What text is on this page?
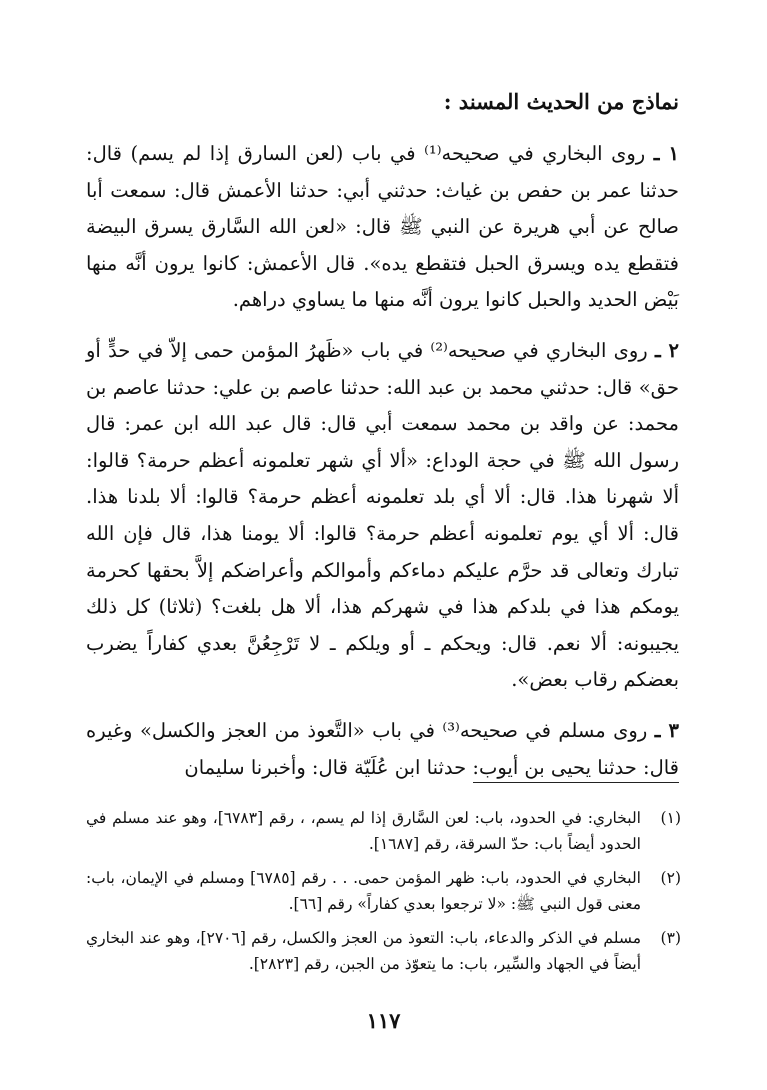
نماذج من الحديث المسند :

١ ـ روى البخاري في صحيحه⁽¹⁾ في باب (لعن السارق إذا لم يسم) قال: حدثنا عمر بن حفص بن غياث: حدثني أبي: حدثنا الأعمش قال: سمعت أبا صالح عن أبي هريرة عن النبي ﷺ قال: «لعن الله السَّارق يسرق البيضة فتقطع يده ويسرق الحبل فتقطع يده». قال الأعمش: كانوا يرون أنَّه منها بَيْض الحديد والحبل كانوا يرون أنَّه منها ما يساوي دراهم.

٢ ـ روى البخاري في صحيحه⁽²⁾ في باب «ظَهرُ المؤمن حمى إلاّ في حدٍّ أو حق» قال: حدثني محمد بن عبد الله: حدثنا عاصم بن علي: حدثنا عاصم بن محمد: عن واقد بن محمد سمعت أبي قال: قال عبد الله ابن عمر: قال رسول الله ﷺ في حجة الوداع: «ألا أي شهر تعلمونه أعظم حرمة؟ قالوا: ألا شهرنا هذا. قال: ألا أي بلد تعلمونه أعظم حرمة؟ قالوا: ألا بلدنا هذا. قال: ألا أي يوم تعلمونه أعظم حرمة؟ قالوا: ألا يومنا هذا، قال فإن الله تبارك وتعالى قد حرَّم عليكم دماءكم وأموالكم وأعراضكم إلاَّ بحقها كحرمة يومكم هذا في بلدكم هذا في شهركم هذا، ألا هل بلغت؟ (ثلاثا) كل ذلك يجيبونه: ألا نعم. قال: ويحكم ـ أو ويلكم ـ لا تَرْجِعُنَّ بعدي كفاراً يضرب بعضكم رقاب بعض».

٣ ـ روى مسلم في صحيحه⁽³⁾ في باب «التَّعوذ من العجز والكسل» وغيره قال: حدثنا يحيى بن أيوب: حدثنا ابن عُلَيّة قال: وأخبرنا سليمان

(١)
البخاري: في الحدود، باب: لعن السَّارق إذا لم يسم، ، رقم [٦٧٨٣]، وهو عند مسلم في الحدود أيضاً باب: حدّ السرقة، رقم [١٦٨٧].
(٢)
البخاري في الحدود، باب: ظهر المؤمن حمى. . . رقم [٦٧٨٥] ومسلم في الإيمان، باب: معنى قول النبي ﷺ: «لا ترجعوا بعدي كفاراً» رقم [٦٦].
(٣)
مسلم في الذكر والدعاء، باب: التعوذ من العجز والكسل، رقم [٢٧٠٦]، وهو عند البخاري أيضاً في الجهاد والسِّير، باب: ما يتعوّذ من الجبن، رقم [٢٨٢٣].
١١٧
